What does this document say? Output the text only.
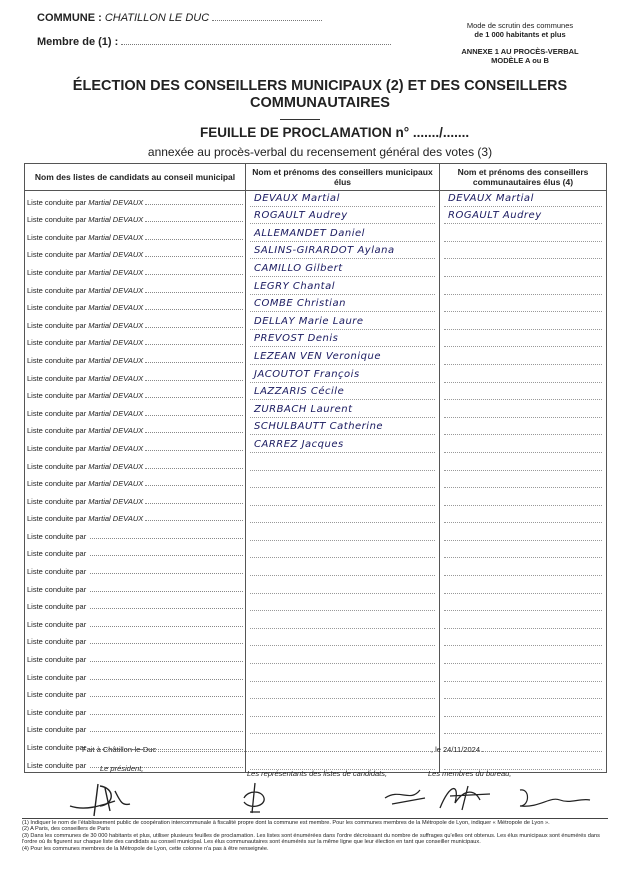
COMMUNE : CHATILLON LE DUC
Membre de (1) :
Mode de scrutin des communes
de 1 000 habitants et plus
ANNEXE 1 AU PROCÈS-VERBAL
MODÈLE A ou B
ÉLECTION DES CONSEILLERS MUNICIPAUX (2) ET DES CONSEILLERS
COMMUNAUTAIRES
FEUILLE DE PROCLAMATION n° ......./.......
annexée au procès-verbal du recensement général des votes (3)
Nom des listes de candidats au conseil municipal	Nom et prénoms des conseillers municipaux élus	Nom et prénoms des conseillers communautaires élus (4)

Liste conduite par Martial DEVAUX	DEVAUX Martial	DEVAUX Martial

Liste conduite par Martial DEVAUX	ROGAULT Audrey	ROGAULT Audrey

Liste conduite par Martial DEVAUX	ALLEMANDET Daniel	

Liste conduite par Martial DEVAUX	SALINS-GIRARDOT Aylana	

Liste conduite par Martial DEVAUX	CAMILLO Gilbert	

Liste conduite par Martial DEVAUX	LEGRY Chantal	

Liste conduite par Martial DEVAUX	COMBE Christian	

Liste conduite par Martial DEVAUX	DELLAY Marie Laure	

Liste conduite par Martial DEVAUX	PREVOST Denis	

Liste conduite par Martial DEVAUX	LEZEAN VEN Veronique	

Liste conduite par Martial DEVAUX	JACOUTOT François	

Liste conduite par Martial DEVAUX	LAZZARIS Cécile	

Liste conduite par Martial DEVAUX	ZURBACH Laurent	

Liste conduite par Martial DEVAUX	SCHULBAUTT Catherine	

Liste conduite par Martial DEVAUX	CARREZ Jacques	

Liste conduite par Martial DEVAUX		

Liste conduite par Martial DEVAUX		

Liste conduite par Martial DEVAUX		

Liste conduite par Martial DEVAUX		

Liste conduite par		

Liste conduite par		

Liste conduite par		

Liste conduite par		

Liste conduite par		

Liste conduite par		

Liste conduite par		

Liste conduite par		

Liste conduite par		

Liste conduite par		

Liste conduite par		

Liste conduite par		

Liste conduite par		

Liste conduite par		

Fait à Châtillon-le-Duc	, le 24/11/2024
Le président,
Les représentants des listes de candidats,	Les membres du bureau,
(1) Indiquer le nom de l'établissement public de coopération intercommunale à fiscalité propre dont la commune est membre. Pour les communes membres de la Métropole de Lyon, indiquer « Métropole de Lyon ».
(2) A Paris, des conseillers de Paris
(3) Dans les communes de 30 000 habitants et plus, utiliser plusieurs feuilles de proclamation. Les listes sont énumérées dans l'ordre décroissant du nombre de suffrages qu'elles ont obtenus. Les élus municipaux sont énumérés dans l'ordre où ils figurent sur chaque liste des candidats au conseil municipal. Les élus communautaires sont énumérés sur la même ligne que leur élection en tant que conseiller municipaux.
(4) Pour les communes membres de la Métropole de Lyon, cette colonne n'a pas à être renseignée.
